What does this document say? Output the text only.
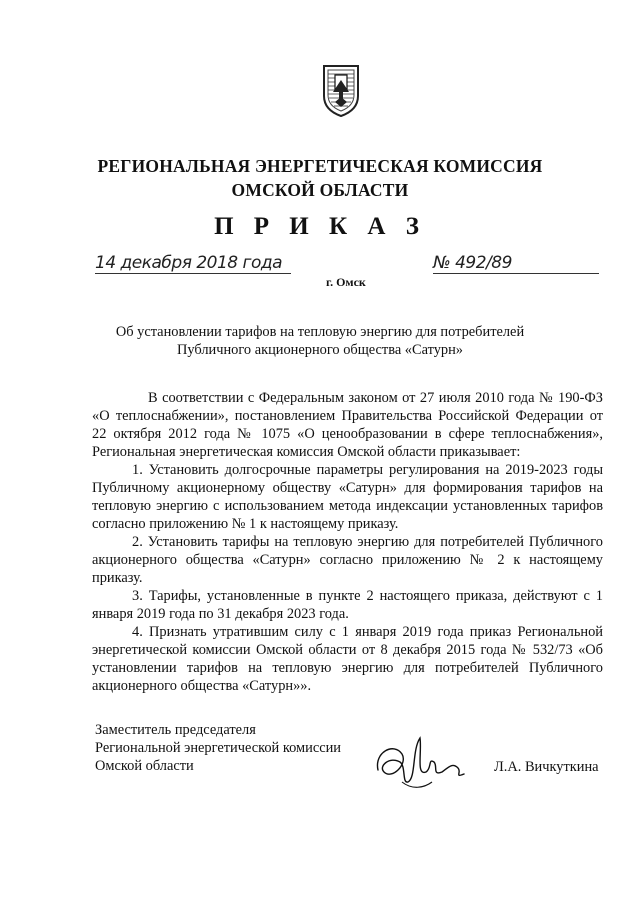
РЕГИОНАЛЬНАЯ ЭНЕРГЕТИЧЕСКАЯ КОМИССИЯ
ОМСКОЙ ОБЛАСТИ
П Р И К А З
14 декабря 2018 года	№ 492/89
г. Омск
Об установлении тарифов на тепловую энергию для потребителей
Публичного акционерного общества «Сатурн»

В соответствии с Федеральным законом от 27 июля 2010 года № 190-ФЗ «О теплоснабжении», постановлением Правительства Российской Федерации от 22 октября 2012 года № 1075 «О ценообразовании в сфере теплоснабжения», Региональная энергетическая комиссия Омской области приказывает:

1. Установить долгосрочные параметры регулирования на 2019-2023 годы Публичному акционерному обществу «Сатурн» для формирования тарифов на тепловую энергию с использованием метода индексации установленных тарифов согласно приложению № 1 к настоящему приказу.

2. Установить тарифы на тепловую энергию для потребителей Публичного акционерного общества «Сатурн» согласно приложению № 2 к настоящему приказу.

3. Тарифы, установленные в пункте 2 настоящего приказа, действуют с 1 января 2019 года по 31 декабря 2023 года.

4. Признать утратившим силу с 1 января 2019 года приказ Региональной энергетической комиссии Омской области от 8 декабря 2015 года № 532/73 «Об установлении тарифов на тепловую энергию для потребителей Публичного акционерного общества «Сатурн»».

Заместитель председателя
Региональной энергетической комиссии
Омской области	Л.А. Вичкуткина
